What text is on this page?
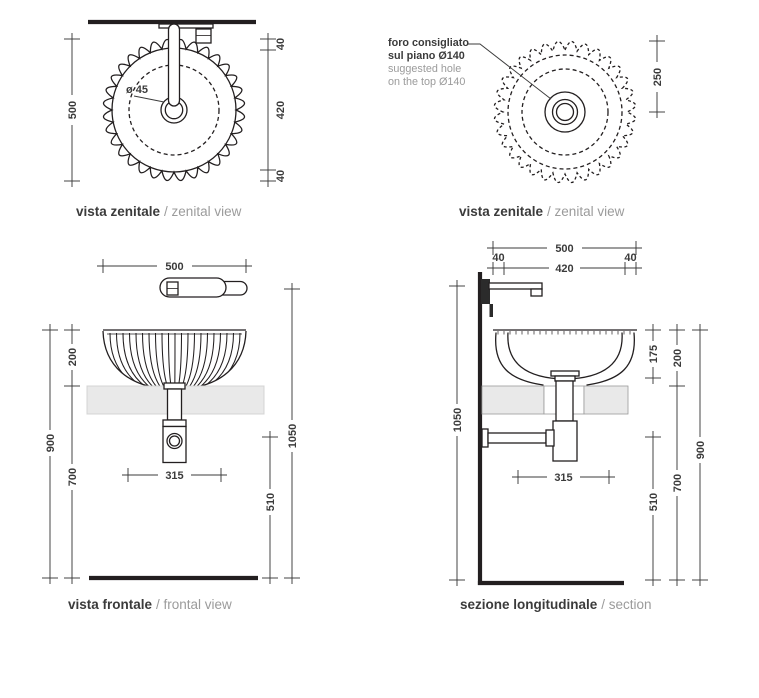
ø 45
500
40
420
40
250
500
200
700
900
315
510
1050
500
40	40
420
1050
175
510
200
700
900
315
vista zenitale / zenital view	vista zenitale / zenital view
vista frontale / frontal view	sezione longitudinale / section
foro consigliato
sul piano Ø140
suggested hole
on the top Ø140
